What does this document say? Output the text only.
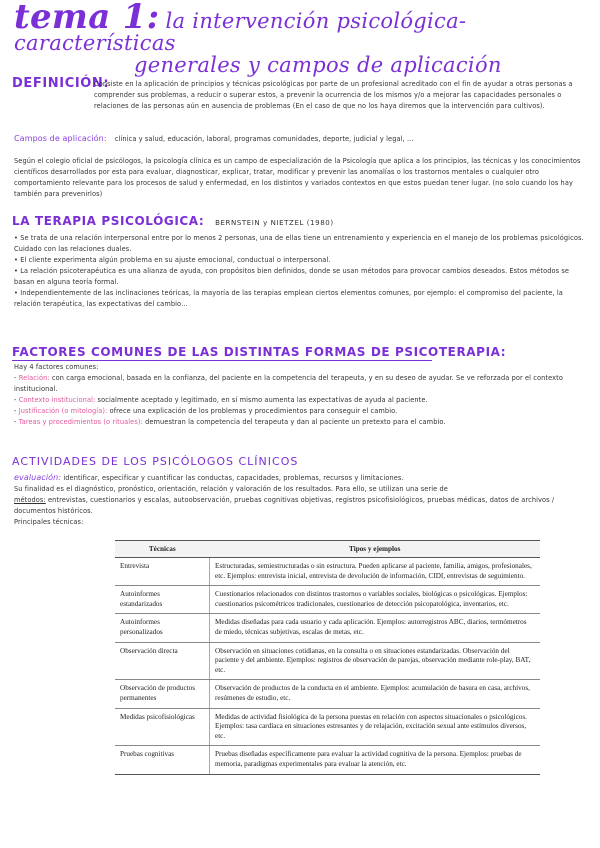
tema 1: la intervención psicológica-características
generales y campos de aplicación
DEFINICIÓN:
Consiste en la aplicación de principios y técnicas psicológicas por parte de un profesional acreditado con el fin de ayudar a otras personas a comprender sus problemas, a reducir o superar estos, a prevenir la ocurrencia de los mismos y/o a mejorar las capacidades personales o relaciones de las personas aún en ausencia de problemas (En el caso de que no los haya diremos que la intervención para cultivos).
Campos de aplicación: clínica y salud, educación, laboral, programas comunidades, deporte, judicial y legal, ...
Según el colegio oficial de psicólogos, la psicología clínica es un campo de especialización de la Psicología que aplica a los principios, las técnicas y los conocimientos científicos desarrollados por esta para evaluar, diagnosticar, explicar, tratar, modificar y prevenir las anomalías o los trastornos mentales o cualquier otro comportamiento relevante para los procesos de salud y enfermedad, en los distintos y variados contextos en que estos puedan tener lugar. (no solo cuando los hay también para prevenirlos)
LA TERAPIA PSICOLÓGICA: BERNSTEIN y NIETZEL (1980)
• Se trata de una relación interpersonal entre por lo menos 2 personas, una de ellas tiene un entrenamiento y experiencia en el manejo de los problemas psicológicos. Cuidado con las relaciones duales.
• El cliente experimenta algún problema en su ajuste emocional, conductual o interpersonal.
• La relación psicoterapéutica es una alianza de ayuda, con propósitos bien definidos, donde se usan métodos para provocar cambios deseados. Estos métodos se basan en alguna teoría formal.
• Independientemente de las inclinaciones teóricas, la mayoría de las terapias emplean ciertos elementos comunes, por ejemplo: el compromiso del paciente, la relación terapéutica, las expectativas del cambio...
FACTORES COMUNES DE LAS DISTINTAS FORMAS DE PSICOTERAPIA:
Hay 4 factores comunes:
- Relación: con carga emocional, basada en la confianza, del paciente en la competencia del terapeuta, y en su deseo de ayudar. Se ve reforzada por el contexto institucional.
- Contexto institucional: socialmente aceptado y legitimado, en sí mismo aumenta las expectativas de ayuda al paciente.
- Justificación (o mitología): ofrece una explicación de los problemas y procedimientos para conseguir el cambio.
- Tareas y procedimientos (o rituales): demuestran la competencia del terapeuta y dan al paciente un pretexto para el cambio.
ACTIVIDADES DE LOS PSICÓLOGOS CLÍNICOS
evaluación: identificar, especificar y cuantificar las conductas, capacidades, problemas, recursos y limitaciones.
Su finalidad es el diagnóstico, pronóstico, orientación, relación y valoración de los resultados. Para ello, se utilizan una serie de
métodos: entrevistas, cuestionarios y escalas, autoobservación, pruebas cognitivas objetivas, registros psicofisiológicos, pruebas médicas, datos de archivos / documentos históricos.
Principales técnicas:
Técnicas	Tipos y ejemplos
Entrevista	Estructuradas, semiestructuradas o sin estructura. Pueden aplicarse al paciente, familia, amigos, profesionales, etc. Ejemplos: entrevista inicial, entrevista de devolución de información, CIDI, entrevistas de seguimiento.
Autoinformes estandarizados	Cuestionarios relacionados con distintos trastornos o variables sociales, biológicas o psicológicas. Ejemplos: cuestionarios psicométricos tradicionales, cuestionarios de detección psicopatológica, inventarios, etc.
Autoinformes personalizados	Medidas diseñadas para cada usuario y cada aplicación. Ejemplos: autorregistros ABC, diarios, termómetros de miedo, técnicas subjetivas, escalas de metas, etc.
Observación directa	Observación en situaciones cotidianas, en la consulta o en situaciones estandarizadas. Observación del paciente y del ambiente. Ejemplos: registros de observación de parejas, observación mediante role-play, BAT, etc.
Observación de productos permanentes	Observación de productos de la conducta en el ambiente. Ejemplos: acumulación de basura en casa, archivos, resúmenes de estudio, etc.
Medidas psicofisiológicas	Medidas de actividad fisiológica de la persona puestas en relación con aspectos situacionales o psicológicos. Ejemplos: tasa cardíaca en situaciones estresantes y de relajación, excitación sexual ante estímulos diversos, etc.
Pruebas cognitivas	Pruebas diseñadas específicamente para evaluar la actividad cognitiva de la persona. Ejemplos: pruebas de memoria, paradigmas experimentales para evaluar la atención, etc.
